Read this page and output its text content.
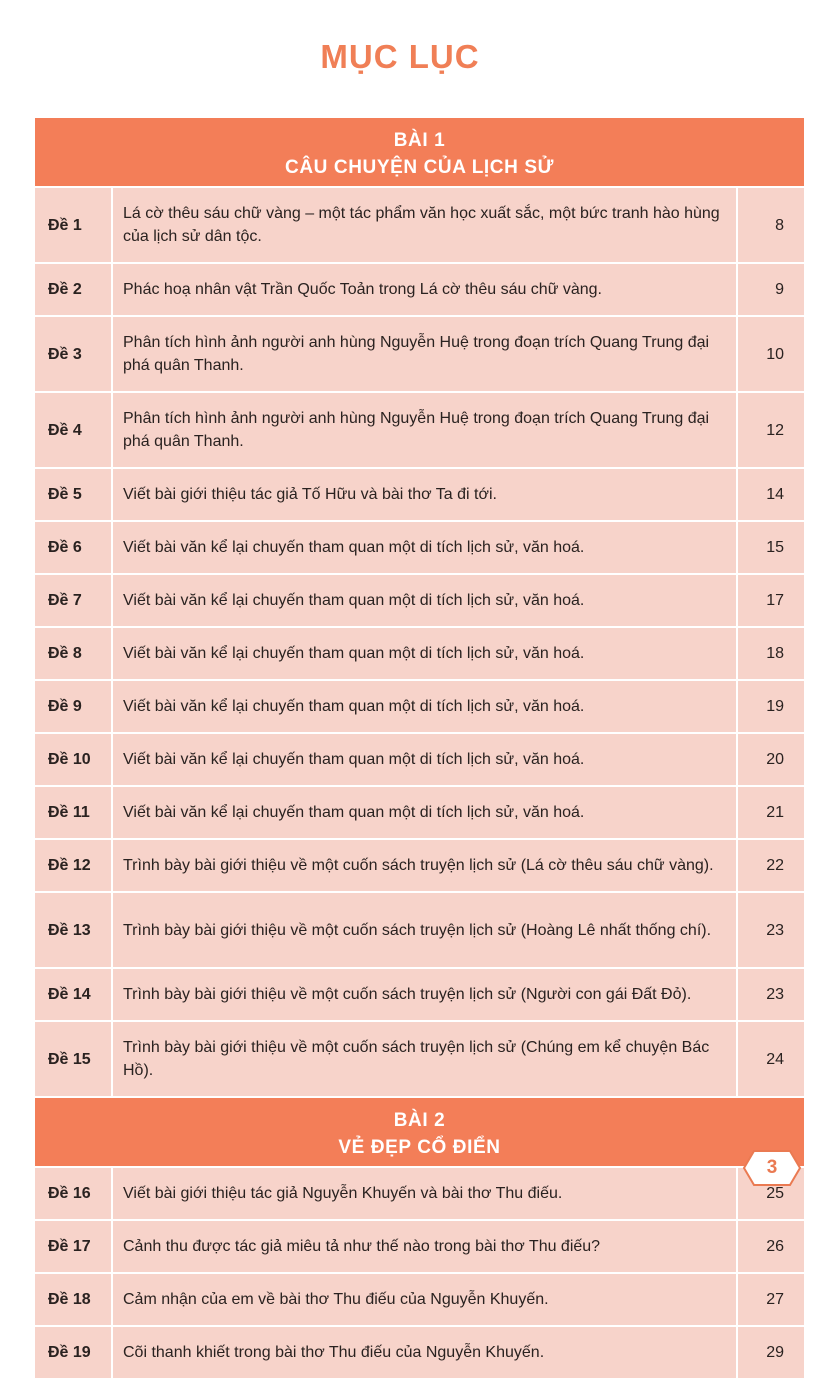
MỤC LỤC
BÀI 1
CÂU CHUYỆN CỦA LỊCH SỬ		

Đề 1	Lá cờ thêu sáu chữ vàng – một tác phẩm văn học xuất sắc, một bức tranh hào hùng của lịch sử dân tộc.	8
Đề 2	Phác hoạ nhân vật Trần Quốc Toản trong Lá cờ thêu sáu chữ vàng.	9
Đề 3	Phân tích hình ảnh người anh hùng Nguyễn Huệ trong đoạn trích Quang Trung đại phá quân Thanh.	10
Đề 4	Phân tích hình ảnh người anh hùng Nguyễn Huệ trong đoạn trích Quang Trung đại phá quân Thanh.	12
Đề 5	Viết bài giới thiệu tác giả Tố Hữu và bài thơ Ta đi tới.	14
Đề 6	Viết bài văn kể lại chuyến tham quan một di tích lịch sử, văn hoá.	15
Đề 7	Viết bài văn kể lại chuyến tham quan một di tích lịch sử, văn hoá.	17
Đề 8	Viết bài văn kể lại chuyến tham quan một di tích lịch sử, văn hoá.	18
Đề 9	Viết bài văn kể lại chuyến tham quan một di tích lịch sử, văn hoá.	19
Đề 10	Viết bài văn kể lại chuyến tham quan một di tích lịch sử, văn hoá.	20
Đề 11	Viết bài văn kể lại chuyến tham quan một di tích lịch sử, văn hoá.	21
Đề 12	Trình bày bài giới thiệu về một cuốn sách truyện lịch sử (Lá cờ thêu sáu chữ vàng).	22
Đề 13	Trình bày bài giới thiệu về một cuốn sách truyện lịch sử (Hoàng Lê nhất thống chí).	23
Đề 14	Trình bày bài giới thiệu về một cuốn sách truyện lịch sử (Người con gái Đất Đỏ).	23
Đề 15	Trình bày bài giới thiệu về một cuốn sách truyện lịch sử (Chúng em kể chuyện Bác Hồ).	24

BÀI 2
VẺ ĐẸP CỔ ĐIỂN		

Đề 16	Viết bài giới thiệu tác giả Nguyễn Khuyến và bài thơ Thu điếu.	25
Đề 17	Cảnh thu được tác giả miêu tả như thế nào trong bài thơ Thu điếu?	26
Đề 18	Cảm nhận của em về bài thơ Thu điếu của Nguyễn Khuyến.	27
Đề 19	Cõi thanh khiết trong bài thơ Thu điếu của Nguyễn Khuyến.	29
3
